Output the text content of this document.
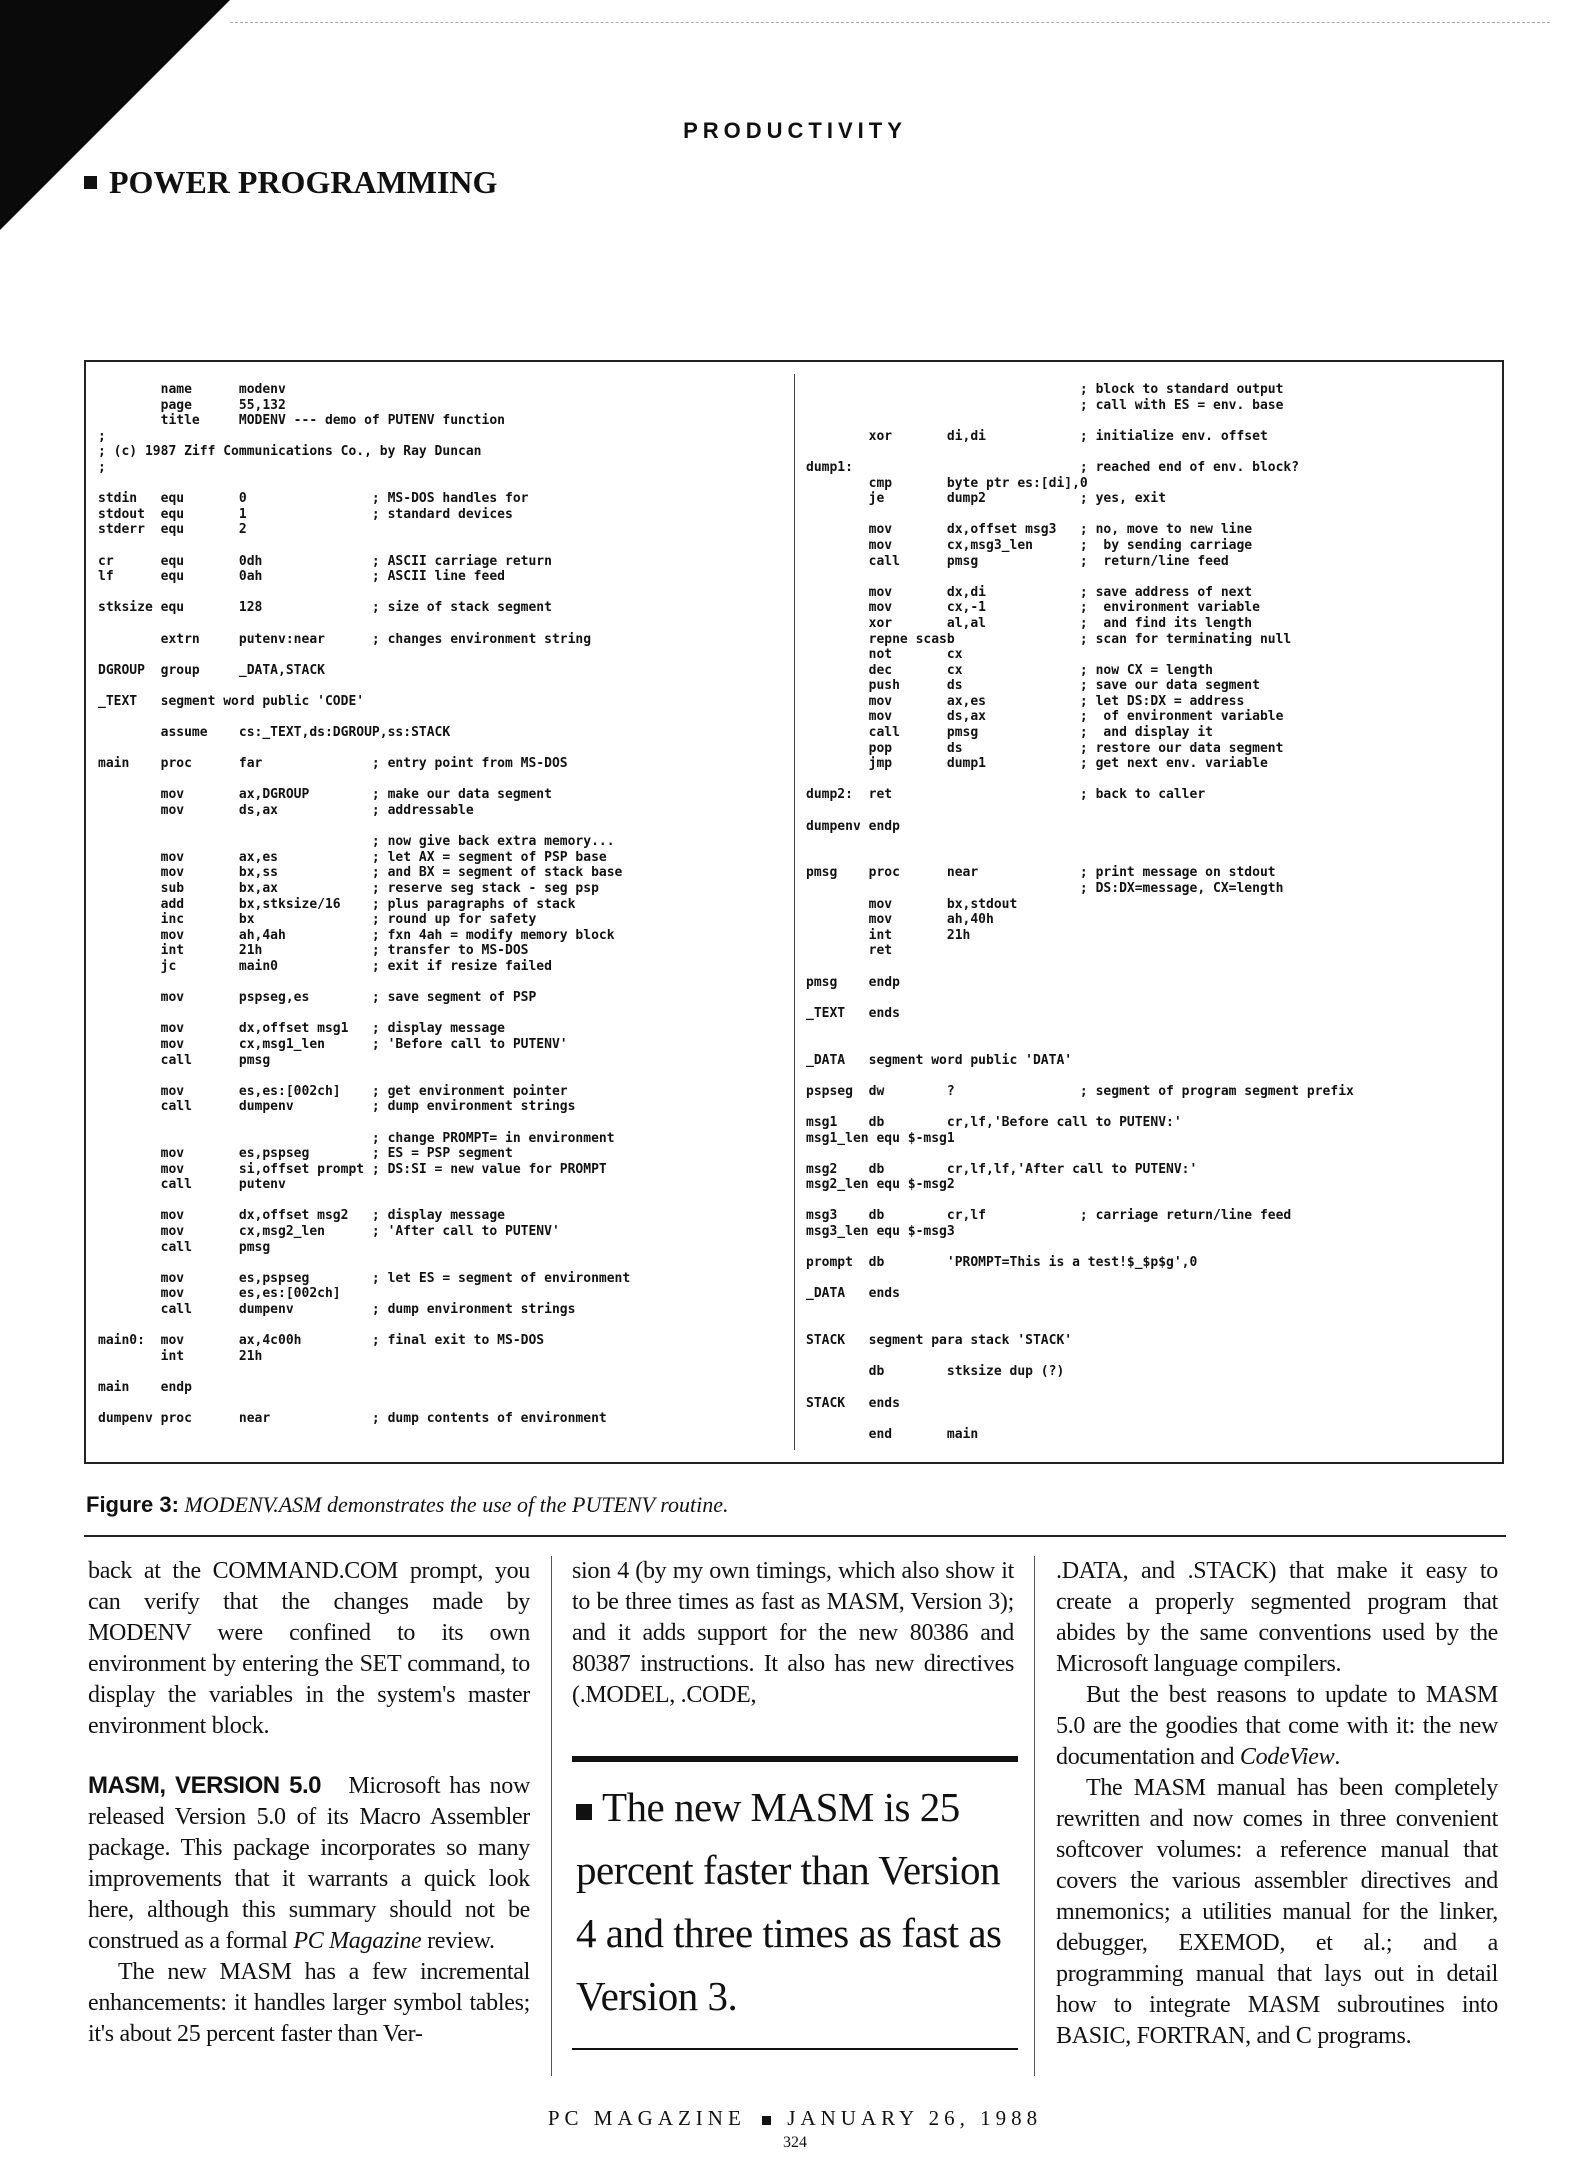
PRODUCTIVITY
POWER PROGRAMMING
name      modenv
page      55,132
title     MODENV --- demo of PUTENV function
;
; (c) 1987 Ziff Communications Co., by Ray Duncan
;

stdin   equ       0                ; MS-DOS handles for
stdout  equ       1                ; standard devices
stderr  equ       2

cr      equ       0dh              ; ASCII carriage return
lf      equ       0ah              ; ASCII line feed

stksize equ       128              ; size of stack segment

extrn     putenv:near      ; changes environment string

DGROUP  group     _DATA,STACK

_TEXT   segment word public 'CODE'

assume    cs:_TEXT,ds:DGROUP,ss:STACK

main    proc      far              ; entry point from MS-DOS

mov       ax,DGROUP        ; make our data segment
mov       ds,ax            ; addressable

; now give back extra memory...
mov       ax,es            ; let AX = segment of PSP base
mov       bx,ss            ; and BX = segment of stack base
sub       bx,ax            ; reserve seg stack - seg psp
add       bx,stksize/16    ; plus paragraphs of stack
inc       bx               ; round up for safety
mov       ah,4ah           ; fxn 4ah = modify memory block
int       21h              ; transfer to MS-DOS
jc        main0            ; exit if resize failed

mov       pspseg,es        ; save segment of PSP

mov       dx,offset msg1   ; display message
mov       cx,msg1_len      ; 'Before call to PUTENV'
call      pmsg

mov       es,es:[002ch]    ; get environment pointer
call      dumpenv          ; dump environment strings

; change PROMPT= in environment
mov       es,pspseg        ; ES = PSP segment
mov       si,offset prompt ; DS:SI = new value for PROMPT
call      putenv

mov       dx,offset msg2   ; display message
mov       cx,msg2_len      ; 'After call to PUTENV'
call      pmsg

mov       es,pspseg        ; let ES = segment of environment
mov       es,es:[002ch]
call      dumpenv          ; dump environment strings

main0:  mov       ax,4c00h         ; final exit to MS-DOS
int       21h

main    endp

dumpenv proc      near             ; dump contents of environment
; block to standard output
; call with ES = env. base

xor       di,di            ; initialize env. offset

dump1:                             ; reached end of env. block?
cmp       byte ptr es:[di],0
je        dump2            ; yes, exit

mov       dx,offset msg3   ; no, move to new line
mov       cx,msg3_len      ;  by sending carriage
call      pmsg             ;  return/line feed

mov       dx,di            ; save address of next
mov       cx,-1            ;  environment variable
xor       al,al            ;  and find its length
repne scasb                ; scan for terminating null
not       cx
dec       cx               ; now CX = length
push      ds               ; save our data segment
mov       ax,es            ; let DS:DX = address
mov       ds,ax            ;  of environment variable
call      pmsg             ;  and display it
pop       ds               ; restore our data segment
jmp       dump1            ; get next env. variable

dump2:  ret                        ; back to caller

dumpenv endp

pmsg    proc      near             ; print message on stdout
; DS:DX=message, CX=length
mov       bx,stdout
mov       ah,40h
int       21h
ret

pmsg    endp

_TEXT   ends

_DATA   segment word public 'DATA'

pspseg  dw        ?                ; segment of program segment prefix

msg1    db        cr,lf,'Before call to PUTENV:'
msg1_len equ $-msg1

msg2    db        cr,lf,lf,'After call to PUTENV:'
msg2_len equ $-msg2

msg3    db        cr,lf            ; carriage return/line feed
msg3_len equ $-msg3

prompt  db        'PROMPT=This is a test!$_$p$g',0

_DATA   ends

STACK   segment para stack 'STACK'

db        stksize dup (?)

STACK   ends

end       main
Figure 3: MODENV.ASM demonstrates the use of the PUTENV routine.

back at the COMMAND.COM prompt, you can verify that the changes made by MODENV were confined to its own environment by entering the SET command, to display the variables in the system's master environment block.

MASM, VERSION 5.0 Microsoft has now released Version 5.0 of its Macro Assembler package. This package incorporates so many improvements that it warrants a quick look here, although this summary should not be construed as a formal PC Magazine review.

The new MASM has a few incremental enhancements: it handles larger symbol tables; it's about 25 percent faster than Ver-

sion 4 (by my own timings, which also show it to be three times as fast as MASM, Version 3); and it adds support for the new 80386 and 80387 instructions. It also has new directives (.MODEL, .CODE,

The new MASM is 25 percent faster than Version 4 and three times as fast as Version 3.

.DATA, and .STACK) that make it easy to create a properly segmented program that abides by the same conventions used by the Microsoft language compilers.

But the best reasons to update to MASM 5.0 are the goodies that come with it: the new documentation and CodeView.

The MASM manual has been completely rewritten and now comes in three convenient softcover volumes: a reference manual that covers the various assembler directives and mnemonics; a utilities manual for the linker, debugger, EXEMOD, et al.; and a programming manual that lays out in detail how to integrate MASM subroutines into BASIC, FORTRAN, and C programs.

PC MAGAZINE JANUARY 26, 1988
324
